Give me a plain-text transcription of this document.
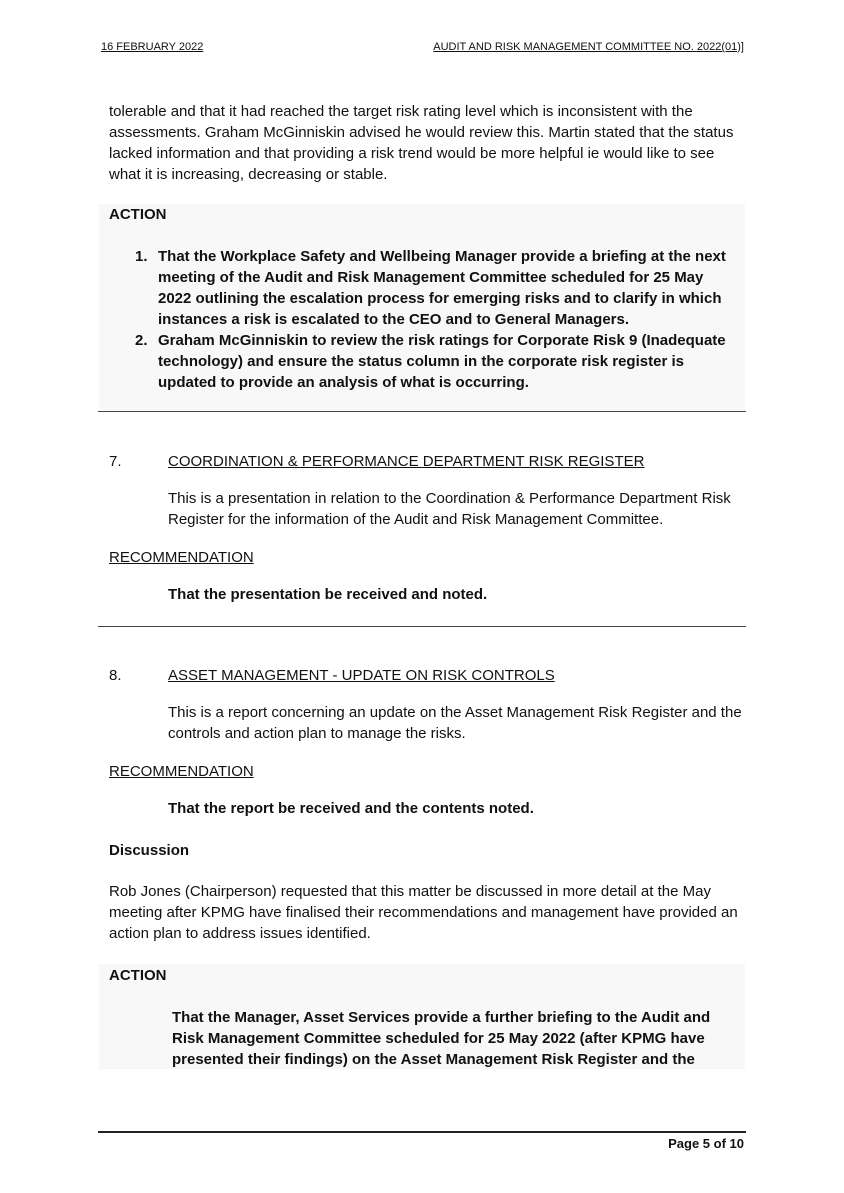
16 FEBRUARY 2022	AUDIT AND RISK MANAGEMENT COMMITTEE NO. 2022(01)]

tolerable and that it had reached the target risk rating level which is inconsistent with the assessments. Graham McGinniskin advised he would review this. Martin stated that the status lacked information and that providing a risk trend would be more helpful ie would like to see what it is increasing, decreasing or stable.

ACTION
1. That the Workplace Safety and Wellbeing Manager provide a briefing at the next meeting of the Audit and Risk Management Committee scheduled for 25 May 2022 outlining the escalation process for emerging risks and to clarify in which instances a risk is escalated to the CEO and to General Managers.
2. Graham McGinniskin to review the risk ratings for Corporate Risk 9 (Inadequate technology) and ensure the status column in the corporate risk register is updated to provide an analysis of what is occurring.
7.	COORDINATION & PERFORMANCE DEPARTMENT RISK REGISTER

This is a presentation in relation to the Coordination & Performance Department Risk Register for the information of the Audit and Risk Management Committee.

RECOMMENDATION
That the presentation be received and noted.
8.	ASSET MANAGEMENT - UPDATE ON RISK CONTROLS

This is a report concerning an update on the Asset Management Risk Register and the controls and action plan to manage the risks.

RECOMMENDATION
That the report be received and the contents noted.
Discussion

Rob Jones (Chairperson) requested that this matter be discussed in more detail at the May meeting after KPMG have finalised their recommendations and management have provided an action plan to address issues identified.

ACTION

That the Manager, Asset Services provide a further briefing to the Audit and Risk Management Committee scheduled for 25 May 2022 (after KPMG have presented their findings) on the Asset Management Risk Register and the

Page 5 of 10
